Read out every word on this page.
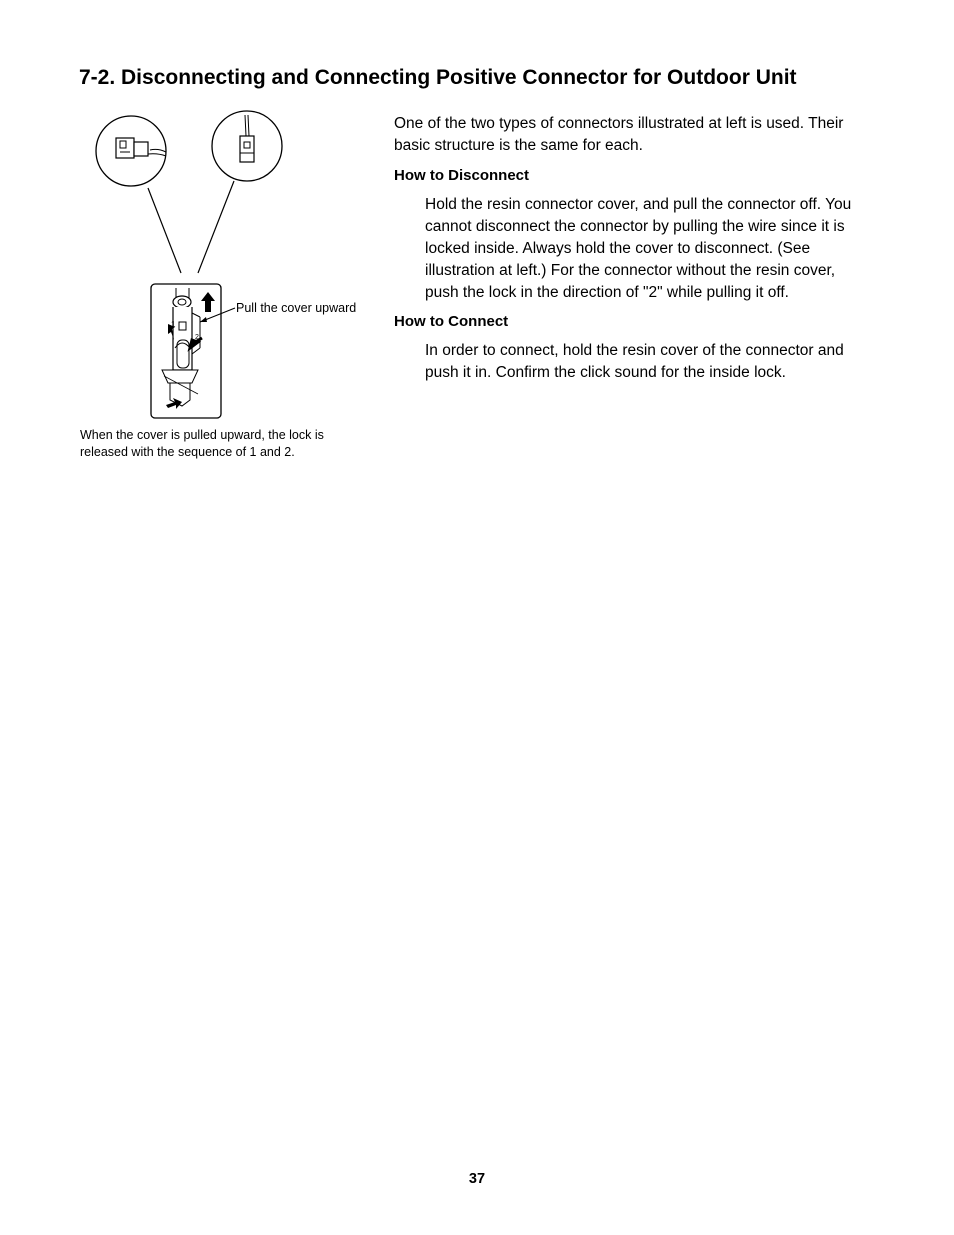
7-2. Disconnecting and Connecting Positive Connector for Outdoor Unit
1
2
Pull the cover upward
When the cover is pulled upward, the lock is released with the sequence of 1 and 2.

One of the two types of connectors illustrated at left is used. Their basic structure is the same for each.

How to Disconnect

Hold the resin connector cover, and pull the connector off. You cannot disconnect the connector by pulling the wire since it is locked inside. Always hold the cover to disconnect. (See illustration at left.) For the connector without the resin cover, push the lock in the direction of "2" while pulling it off.

How to Connect

In order to connect, hold the resin cover of the connector and push it in. Confirm the click sound for the inside lock.

37
